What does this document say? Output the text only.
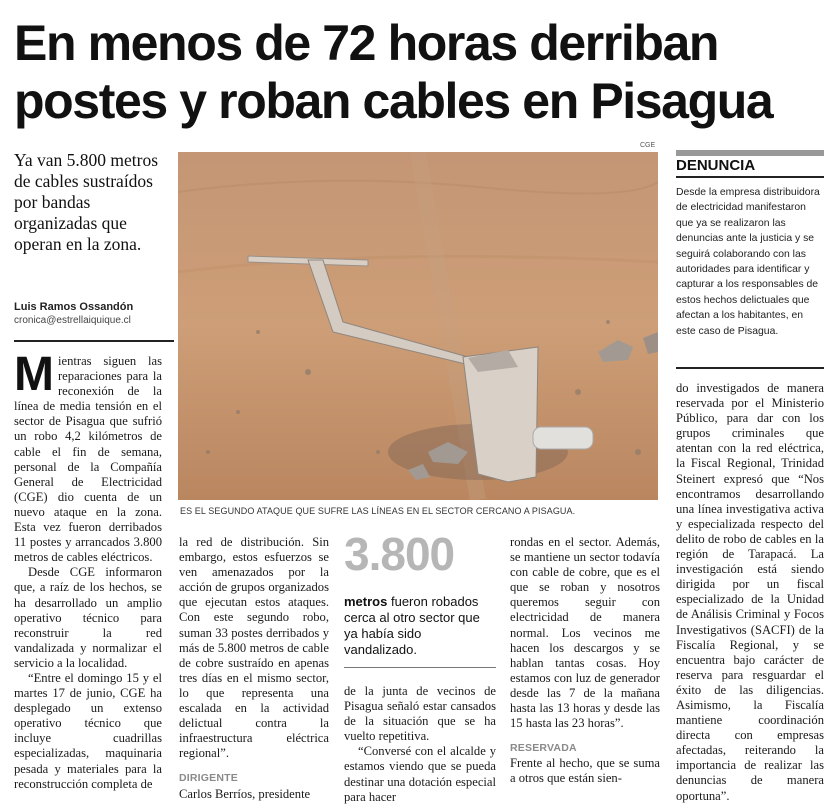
En menos de 72 horas derriban postes y roban cables en Pisagua
Ya van 5.800 metros de cables sustraídos por bandas organizadas que operan en la zona.
Luis Ramos Ossandón
cronica@estrellaiquique.cl
CGE
ES EL SEGUNDO ATAQUE QUE SUFRE LAS LÍNEAS EN EL SECTOR CERCANO A PISAGUA.
DENUNCIA
Desde la empresa distribuidora de electricidad manifestaron que ya se realizaron las denuncias ante la justicia y se seguirá colaborando con las autoridades para identificar y capturar a los responsables de estos hechos delictuales que afectan a los habitantes, en este caso de Pisagua.

Mientras siguen las reparaciones para la reconexión de la línea de media tensión en el sector de Pisagua que sufrió un robo 4,2 kilómetros de cable el fin de semana, personal de la Compañía General de Electricidad (CGE) dio cuenta de un nuevo ataque en la zona. Esta vez fueron derribados 11 postes y arrancados 3.800 metros de cables eléctricos.

Desde CGE informaron que, a raíz de los hechos, se ha desarrollado un amplio operativo técnico para reconstruir la red vandalizada y normalizar el servicio a la localidad.

“Entre el domingo 15 y el martes 17 de junio, CGE ha desplegado un extenso operativo técnico que incluye cuadrillas especializadas, maquinaria pesada y materiales para la reconstrucción completa de

la red de distribución. Sin embargo, estos esfuerzos se ven amenazados por la acción de grupos organizados que ejecutan estos ataques. Con este segundo robo, suman 33 postes derribados y más de 5.800 metros de cable de cobre sustraído en apenas tres días en el mismo sector, lo que representa una escalada en la actividad delictual contra la infraestructura eléctrica regional”.

DIRIGENTE

Carlos Berríos, presidente

3.800
metros fueron robados cerca al otro sector que ya había sido vandalizado.

de la junta de vecinos de Pisagua señaló estar cansados de la situación que se ha vuelto repetitiva.

“Conversé con el alcalde y estamos viendo que se pueda destinar una dotación especial para hacer

rondas en el sector. Además, se mantiene un sector todavía con cable de cobre, que es el que se roban y nosotros queremos seguir con electricidad de manera normal. Los vecinos me hacen los descargos y se hablan tantas cosas. Hoy estamos con luz de generador desde las 7 de la mañana hasta las 13 horas y desde las 15 hasta las 23 horas”.

RESERVADA

Frente al hecho, que se suma a otros que están sien-

do investigados de manera reservada por el Ministerio Público, para dar con los grupos criminales que atentan con la red eléctrica, la Fiscal Regional, Trinidad Steinert expresó que “Nos encontramos desarrollando una línea investigativa activa y especializada respecto del delito de robo de cables en la región de Tarapacá. La investigación está siendo dirigida por un fiscal especializado de la Unidad de Análisis Criminal y Focos Investigativos (SACFI) de la Fiscalía Regional, y se encuentra bajo carácter de reserva para resguardar el éxito de las diligencias. Asimismo, la Fiscalía mantiene coordinación directa con empresas afectadas, reiterando la importancia de realizar las denuncias de manera oportuna”.
